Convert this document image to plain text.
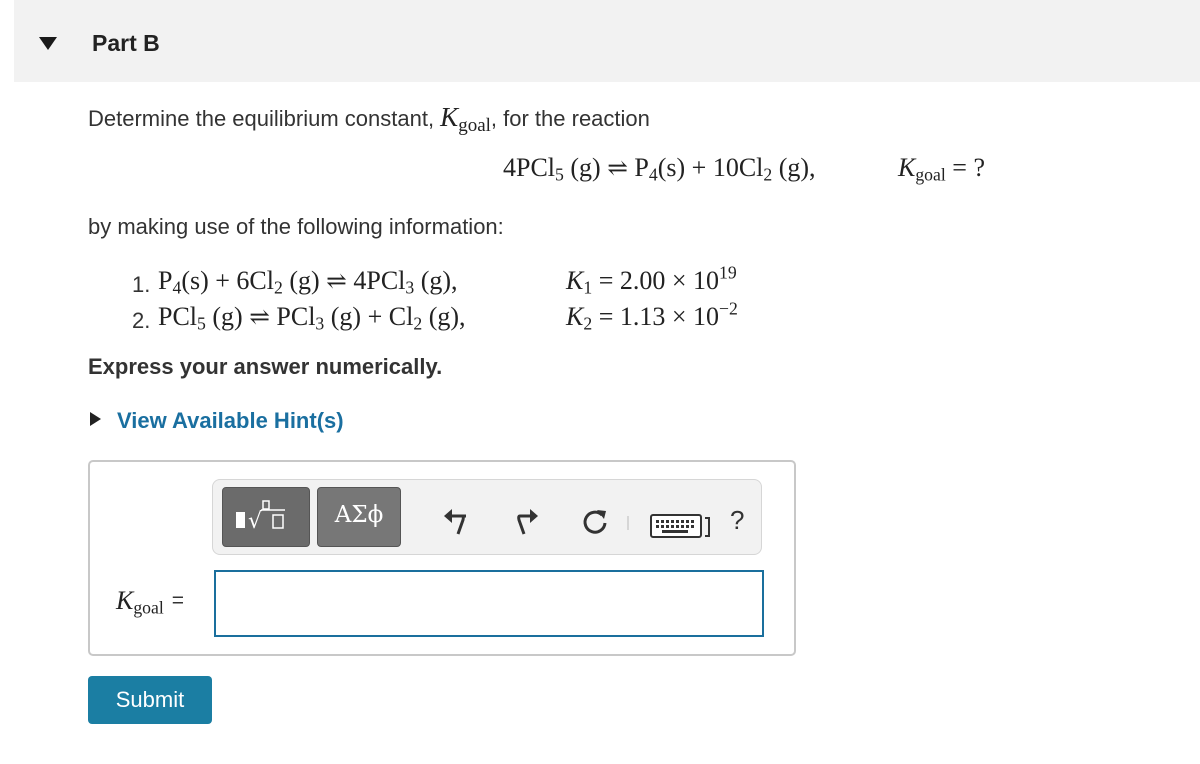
Part B
Determine the equilibrium constant, $K_{goal}$, for the reaction
4PCl$_5$ (g) ⇌ $P_4(s) + 10Cl_2$ (g),	$K_{goal}$ = ?
by making use of the following information:
1. $P_4(s) + 6Cl_2$ (g) ⇌ 4PCl$_3$ (g),	$K_1 = 2.00 \times 10^{19}$
2. PCl$_5$ (g) ⇌ PCl$_3$ $(g) + Cl_2$ (g),	$K_2 = 1.13 \times 10^{-2}$
Express your answer numerically.
View Available Hint(s)
√	ΑΣϕ	?
$K_{goal}$ =
Submit
